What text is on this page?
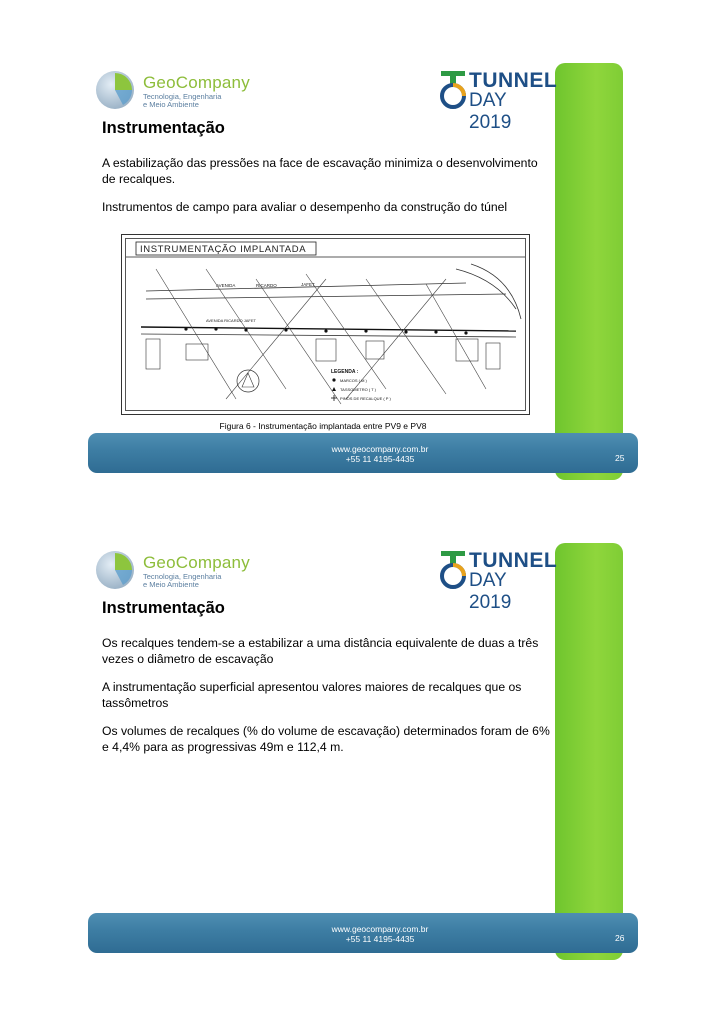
GeoCompany
Tecnologia, Engenharia
e Meio Ambiente
TUNNEL
DAY 2019
Instrumentação
A estabilização das pressões na face de escavação minimiza o desenvolvimento de recalques.
Instrumentos de campo para avaliar o desempenho da construção do túnel
INSTRUMENTAÇÃO IMPLANTADA
AVENIDA	RICARDO	JAFET
AVENIDA RICARDO JAFET
LEGENDA :
MARCOS ( M )
TASSOMETRO ( T )
PINOS DE RECALQUE ( P )
Figura 6 - Instrumentação implantada entre PV9 e PV8
www.geocompany.com.br
+55 11 4195-4435	25
GeoCompany
Tecnologia, Engenharia
e Meio Ambiente
TUNNEL
DAY 2019
Instrumentação
Os recalques tendem-se a estabilizar a uma distância equivalente de duas a três vezes o diâmetro de escavação
A instrumentação superficial apresentou valores maiores de recalques que os tassômetros
Os volumes de recalques (% do volume de escavação) determinados foram de 6% e 4,4% para as progressivas 49m e 112,4 m.
www.geocompany.com.br
+55 11 4195-4435	26
